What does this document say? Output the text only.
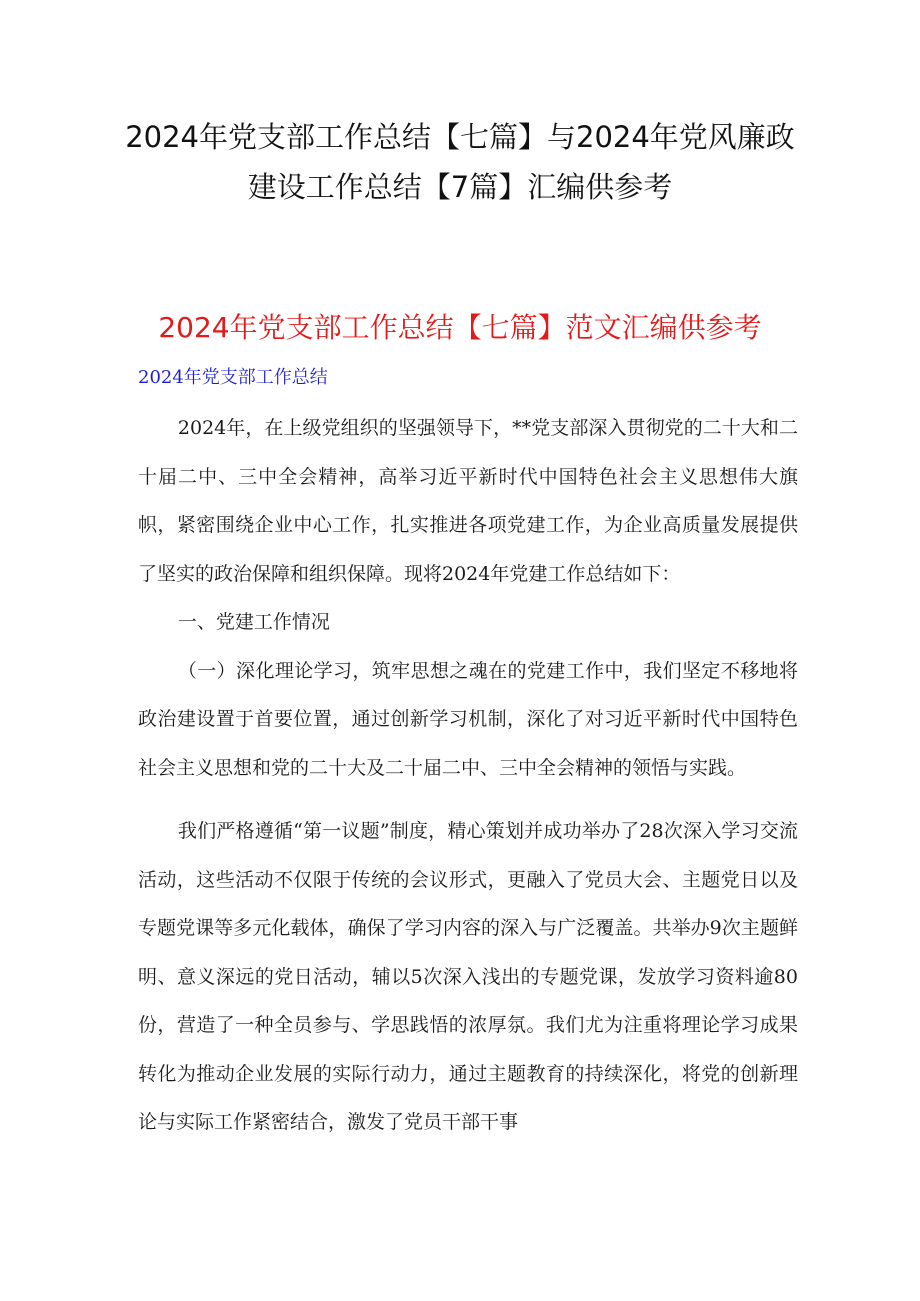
2024年党支部工作总结【七篇】与2024年党风廉政
建设工作总结【7篇】汇编供参考
2024年党支部工作总结【七篇】范文汇编供参考
2024年党支部工作总结

2024年，在上级党组织的坚强领导下，**党支部深入贯彻党的二十大和二十届二中、三中全会精神，高举习近平新时代中国特色社会主义思想伟大旗帜，紧密围绕企业中心工作，扎实推进各项党建工作，为企业高质量发展提供了坚实的政治保障和组织保障。现将2024年党建工作总结如下：

一、党建工作情况

（一）深化理论学习，筑牢思想之魂在的党建工作中，我们坚定不移地将政治建设置于首要位置，通过创新学习机制，深化了对习近平新时代中国特色社会主义思想和党的二十大及二十届二中、三中全会精神的领悟与实践。

我们严格遵循“第一议题”制度，精心策划并成功举办了28次深入学习交流活动，这些活动不仅限于传统的会议形式，更融入了党员大会、主题党日以及专题党课等多元化载体，确保了学习内容的深入与广泛覆盖。共举办9次主题鲜明、意义深远的党日活动，辅以5次深入浅出的专题党课，发放学习资料逾80份，营造了一种全员参与、学思践悟的浓厚氛。我们尤为注重将理论学习成果转化为推动企业发展的实际行动力，通过主题教育的持续深化，将党的创新理论与实际工作紧密结合，激发了党员干部干事
